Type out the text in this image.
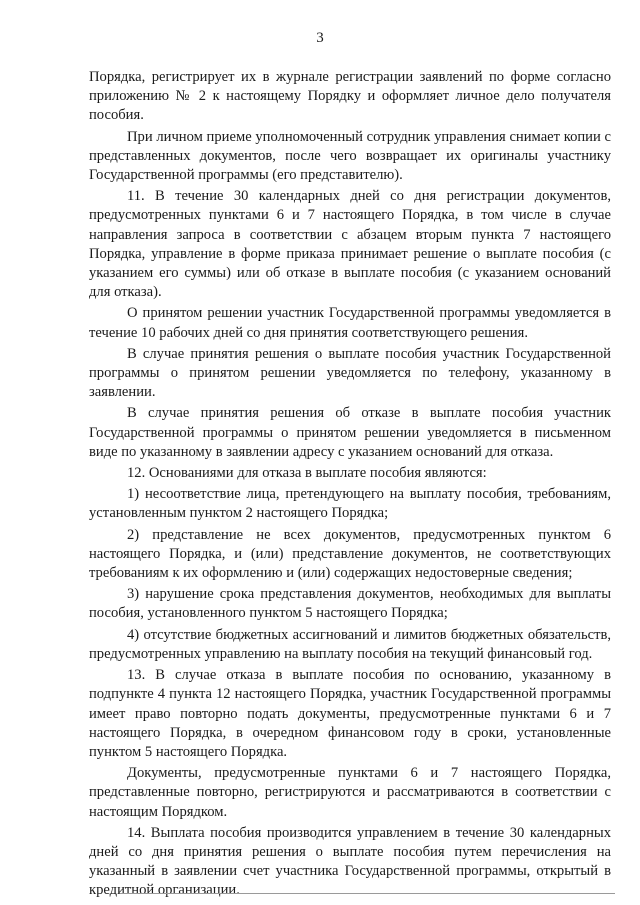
3

Порядка, регистрирует их в журнале регистрации заявлений по форме согласно приложению № 2 к настоящему Порядку и оформляет личное дело получателя пособия.

При личном приеме уполномоченный сотрудник управления снимает копии с представленных документов, после чего возвращает их оригиналы участнику Государственной программы (его представителю).

11. В течение 30 календарных дней со дня регистрации документов, предусмотренных пунктами 6 и 7 настоящего Порядка, в том числе в случае направления запроса в соответствии с абзацем вторым пункта 7 настоящего Порядка, управление в форме приказа принимает решение о выплате пособия (с указанием его суммы) или об отказе в выплате пособия (с указанием оснований для отказа).

О принятом решении участник Государственной программы уведомляется в течение 10 рабочих дней со дня принятия соответствующего решения.

В случае принятия решения о выплате пособия участник Государственной программы о принятом решении уведомляется по телефону, указанному в заявлении.

В случае принятия решения об отказе в выплате пособия участник Государственной программы о принятом решении уведомляется в письменном виде по указанному в заявлении адресу с указанием оснований для отказа.

12. Основаниями для отказа в выплате пособия являются:

1) несоответствие лица, претендующего на выплату пособия, требованиям, установленным пунктом 2 настоящего Порядка;

2) представление не всех документов, предусмотренных пунктом 6 настоящего Порядка, и (или) представление документов, не соответствующих требованиям к их оформлению и (или) содержащих недостоверные сведения;

3) нарушение срока представления документов, необходимых для выплаты пособия, установленного пунктом 5 настоящего Порядка;

4) отсутствие бюджетных ассигнований и лимитов бюджетных обязательств, предусмотренных управлению на выплату пособия на текущий финансовый год.

13. В случае отказа в выплате пособия по основанию, указанному в подпункте 4 пункта 12 настоящего Порядка, участник Государственной программы имеет право повторно подать документы, предусмотренные пунктами 6 и 7 настоящего Порядка, в очередном финансовом году в сроки, установленные пунктом 5 настоящего Порядка.

Документы, предусмотренные пунктами 6 и 7 настоящего Порядка, представленные повторно, регистрируются и рассматриваются в соответствии с настоящим Порядком.

14. Выплата пособия производится управлением в течение 30 календарных дней со дня принятия решения о выплате пособия путем перечисления на указанный в заявлении счет участника Государственной программы, открытый в кредитной организации.
